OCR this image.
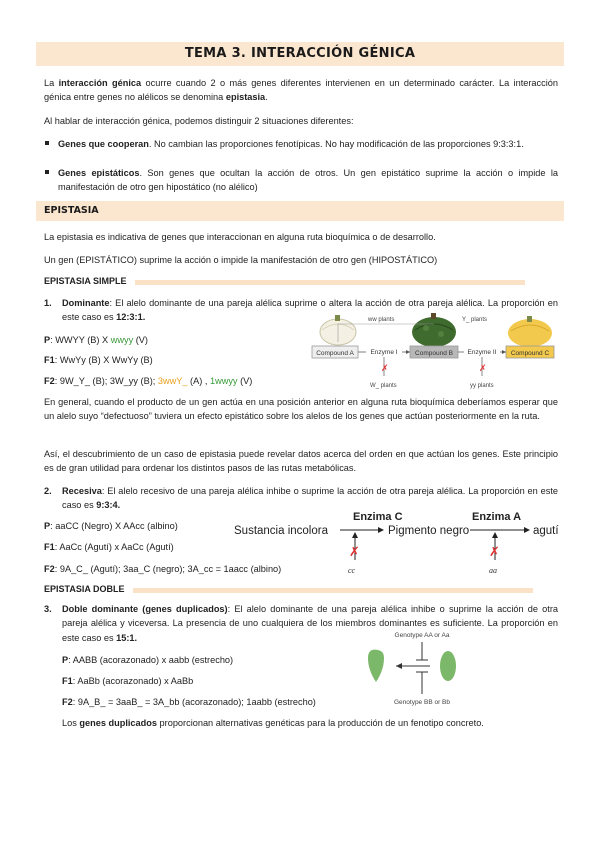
TEMA 3. INTERACCIÓN GÉNICA
La interacción génica ocurre cuando 2 o más genes diferentes intervienen en un determinado carácter. La interacción génica entre genes no alélicos se denomina epistasia.
Al hablar de interacción génica, podemos distinguir 2 situaciones diferentes:
Genes que cooperan. No cambian las proporciones fenotípicas. No hay modificación de las proporciones 9:3:3:1.
Genes epistáticos. Son genes que ocultan la acción de otros. Un gen epistático suprime la acción o impide la manifestación de otro gen hipostático (no alélico)
EPISTASIA
La epistasia es indicativa de genes que interaccionan en alguna ruta bioquímica o de desarrollo.
Un gen (EPISTÁTICO) suprime la acción o impide la manifestación de otro gen (HIPOSTÁTICO)
EPISTASIA SIMPLE
1. Dominante: El alelo dominante de una pareja alélica suprime o altera la acción de otra pareja alélica. La proporción en este caso es 12:3:1.
P: WWYY (B) X wwyy (V)
F1: WwYy (B) X WwYy (B)
F2: 9W_Y_ (B); 3W_yy (B); 3wwY_ (A) , 1wwyy (V)
Compound A	Compound B	Compound C
Enzyme I	Enzyme II
ww plants	Y_ plants
✗
W_ plants
✗
yy plants
En general, cuando el producto de un gen actúa en una posición anterior en alguna ruta bioquímica deberíamos esperar que un alelo suyo “defectuoso” tuviera un efecto epistático sobre los alelos de los genes que actúan posteriormente en la ruta.
Así, el descubrimiento de un caso de epistasia puede revelar datos acerca del orden en que actúan los genes. Este principio es de gran utilidad para ordenar los distintos pasos de las rutas metabólicas.
2. Recesiva: El alelo recesivo de una pareja alélica inhibe o suprime la acción de otra pareja alélica. La proporción en este caso es 9:3:4.
P: aaCC (Negro) X AAcc (albino)
F1: AaCc (Agutí) x AaCc (Agutí)
F2: 9A_C_ (Agutí); 3aa_C (negro); 3A_cc = 1aacc (albino)
Sustancia incolora
Enzima C
Pigmento negro
Enzima A
agutí
✗
cc
✗
aa
EPISTASIA DOBLE
3. Doble dominante (genes duplicados): El alelo dominante de una pareja alélica inhibe o suprime la acción de otra pareja alélica y viceversa. La presencia de uno cualquiera de los miembros dominantes es suficiente. La proporción en este caso es 15:1.
P: AABB (acorazonado) x aabb (estrecho)
F1: AaBb (acorazonado) x AaBb
F2: 9A_B_ = 3aaB_ = 3A_bb (acorazonado); 1aabb (estrecho)
Genotype AA or Aa
Genotype BB or Bb
Los genes duplicados proporcionan alternativas genéticas para la producción de un fenotipo concreto.
